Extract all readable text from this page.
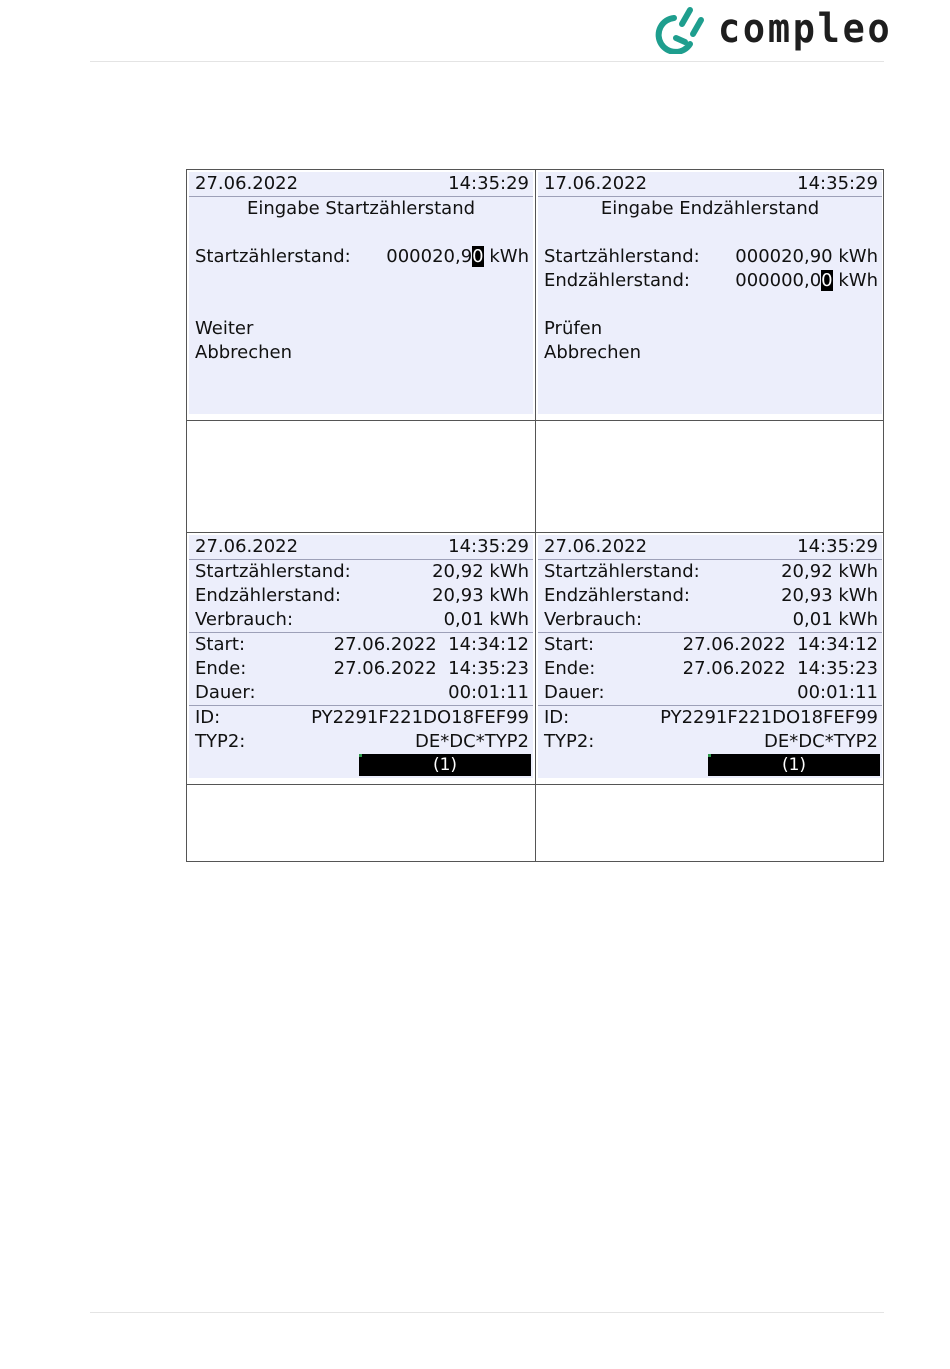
compleo
27.06.2022	14:35:29
Eingabe Startzählerstand
Startzählerstand: 000020,90 kWh
Weiter
Abbrechen
17.06.2022	14:35:29
Eingabe Endzählerstand
Startzählerstand: 000020,90 kWh
Endzählerstand:	000000,00 kWh
Prüfen
Abbrechen
27.06.2022	14:35:29
Startzählerstand:	20,92 kWh
Endzählerstand:	20,93 kWh
Verbrauch:	0,01 kWh
Start:	27.06.2022  14:34:12
Ende:	27.06.2022  14:35:23
Dauer:	00:01:11
ID:	PY2291F221DO18FEF99
TYP2:	DE*DC*TYP2
(1)
27.06.2022	14:35:29
Startzählerstand:	20,92 kWh
Endzählerstand:	20,93 kWh
Verbrauch:	0,01 kWh
Start:	27.06.2022  14:34:12
Ende:	27.06.2022  14:35:23
Dauer:	00:01:11
ID:	PY2291F221DO18FEF99
TYP2:	DE*DC*TYP2
(1)
